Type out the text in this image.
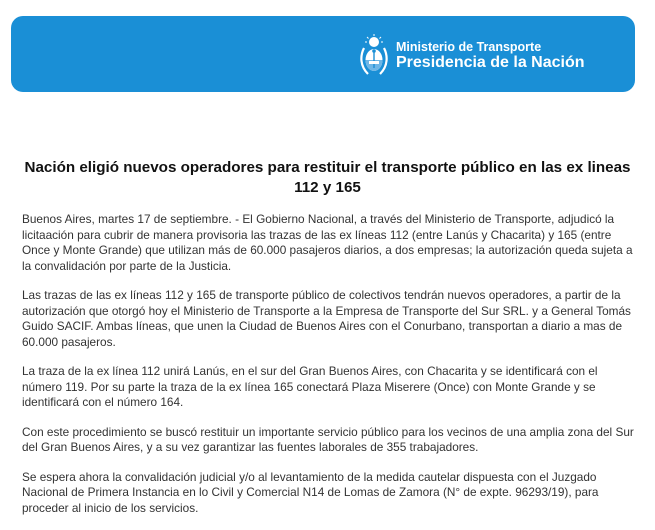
Ministerio de Transporte
Presidencia de la Nación
Nación eligió nuevos operadores para restituir el transporte público en las ex lineas 112 y 165

Buenos Aires, martes 17 de septiembre. - El Gobierno Nacional, a través del Ministerio de Transporte, adjudicó la licitaación para cubrir de manera provisoria las trazas de las ex líneas 112 (entre Lanús y Chacarita) y 165 (entre Once y Monte Grande) que utilizan más de 60.000 pasajeros diarios, a dos empresas; la autorización queda sujeta a la convalidación por parte de la Justicia.

Las trazas de las ex líneas 112 y 165 de transporte público de colectivos tendrán nuevos operadores, a partir de la autorización que otorgó hoy el Ministerio de Transporte a la Empresa de Transporte del Sur SRL. y a General Tomás Guido SACIF. Ambas líneas, que unen la Ciudad de Buenos Aires con el Conurbano, transportan a diario a mas de 60.000 pasajeros.

La traza de la ex línea 112 unirá Lanús, en el sur del Gran Buenos Aires, con Chacarita y se identificará con el número 119. Por su parte la traza de la ex línea 165 conectará Plaza Miserere (Once) con Monte Grande y se identificará con el número 164.

Con este procedimiento se buscó restituir un importante servicio público para los vecinos de una amplia zona del Sur del Gran Buenos Aires, y a su vez garantizar las fuentes laborales de 355 trabajadores.

Se espera ahora la convalidación judicial y/o al levantamiento de la medida cautelar dispuesta con el Juzgado Nacional de Primera Instancia en lo Civil y Comercial N14 de Lomas de Zamora (N° de expte. 96293/19), para proceder al inicio de los servicios.
